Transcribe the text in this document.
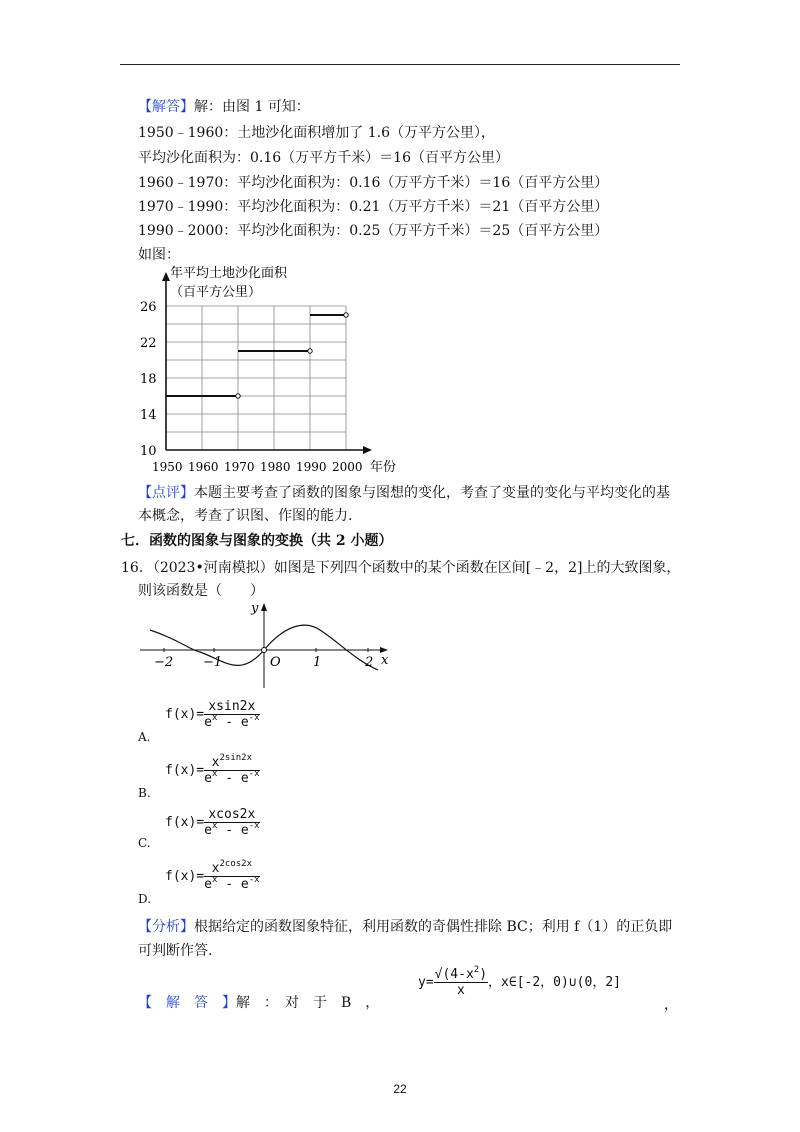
【解答】解：由图 1 可知：
1950﹣1960：土地沙化面积增加了 1.6（万平方公里），
平均沙化面积为：0.16（万平方千米）＝16（百平方公里）
1960﹣1970：平均沙化面积为：0.16（万平方千米）＝16（百平方公里）
1970﹣1990：平均沙化面积为：0.21（万平方千米）＝21（百平方公里）
1990﹣2000：平均沙化面积为：0.25（万平方千米）＝25（百平方公里）
如图：
年平均土地沙化面积
（百平方公里）
10
14
18
22
26
1950 1960 1970 1980 1990 2000 年份
【点评】本题主要考查了函数的图象与图想的变化，考查了变量的变化与平均变化的基
本概念，考查了识图、作图的能力.
七．函数的图象与图象的变换（共 2 小题）
16．（2023•河南模拟）如图是下列四个函数中的某个函数在区间[﹣2，2]上的大致图象，
则该函数是（　　）
−2 −1	1	2
O	x
y
$f(x)= \frac{xsin2x}{e^x - e^{-x}}$
A.
$f(x)= \frac{x^{2sin2x}}{e^x - e^{-x}}$
B.
$f(x)= \frac{xcos2x}{e^x - e^{-x}}$
C.
$f(x)= \frac{x^{2cos2x}}{e^x - e^{-x}}$
D.
【分析】根据给定的函数图象特征，利用函数的奇偶性排除 BC；利用 f（1）的正负即
可判断作答.
【　解　答　】解　：　对　于　B　，
$y= \frac{√(4-x^2)}{x}$ ，x∈[-2，0)∪(0，2]
，
22
